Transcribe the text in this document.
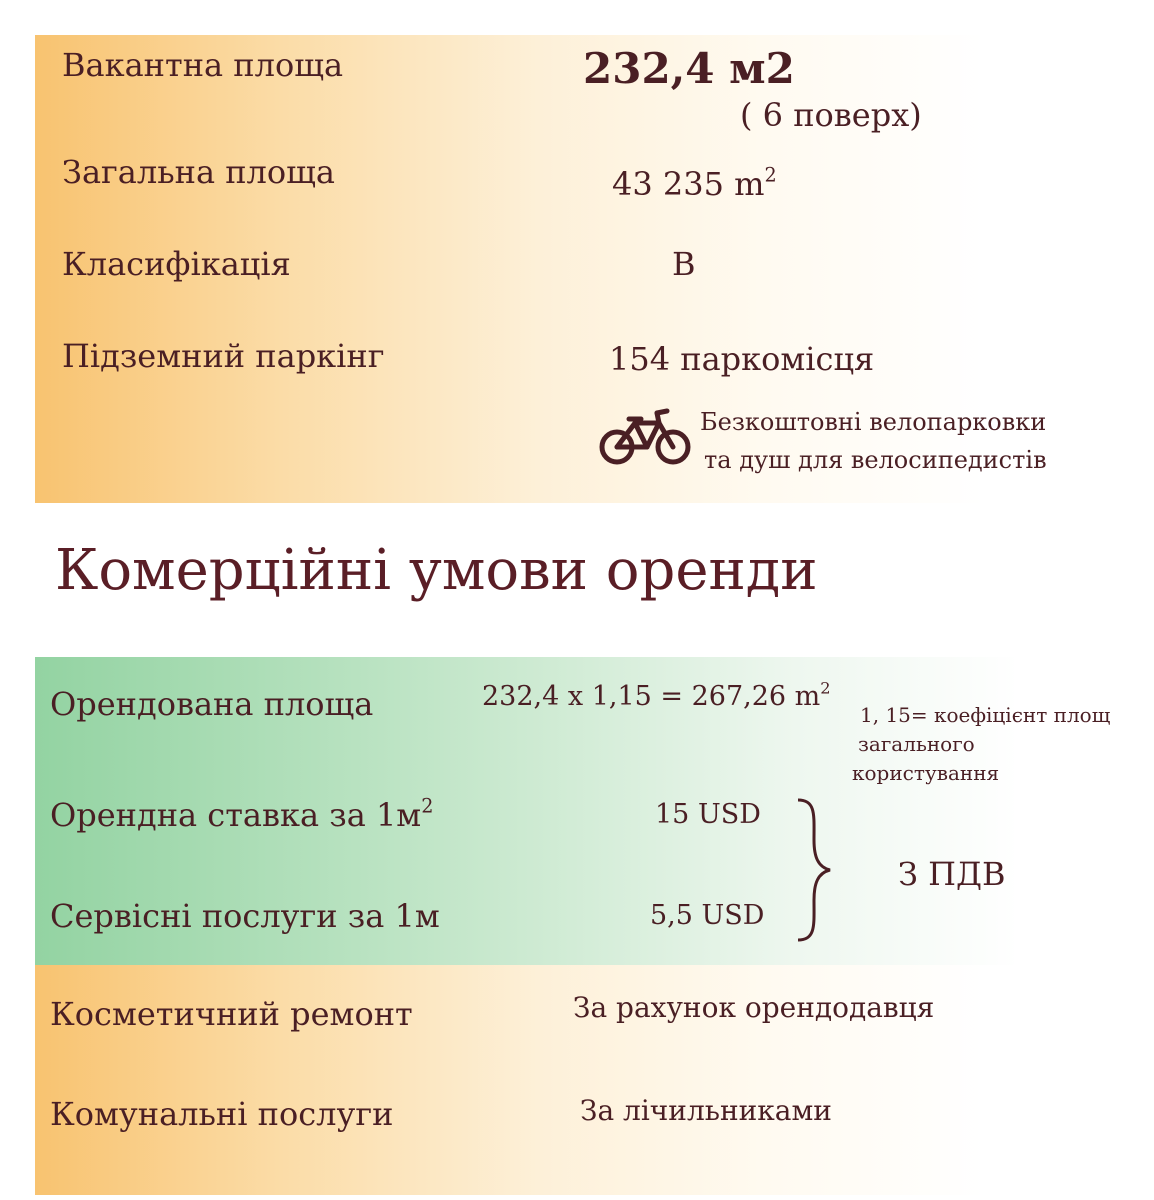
Вакантна площа	232,4 м2
( 6 поверх)
Загальна площа	43 235 $m^2$
Класифікація	B
Підземний паркінг	154 паркомісця
Безкоштовні велопарковки
та душ для велосипедистів
Комерційні умови оренди
Орендована площа	232,4 x 1,15 = 267,26 $m^2$
1, 15= коефіцієнт площ
загального
користування
Орендна ставка за $1м^2$	15 USD
З ПДВ
Сервісні послуги за 1м	5,5 USD
Косметичний ремонт	За рахунок орендодавця
Комунальні послуги	За лічильниками
